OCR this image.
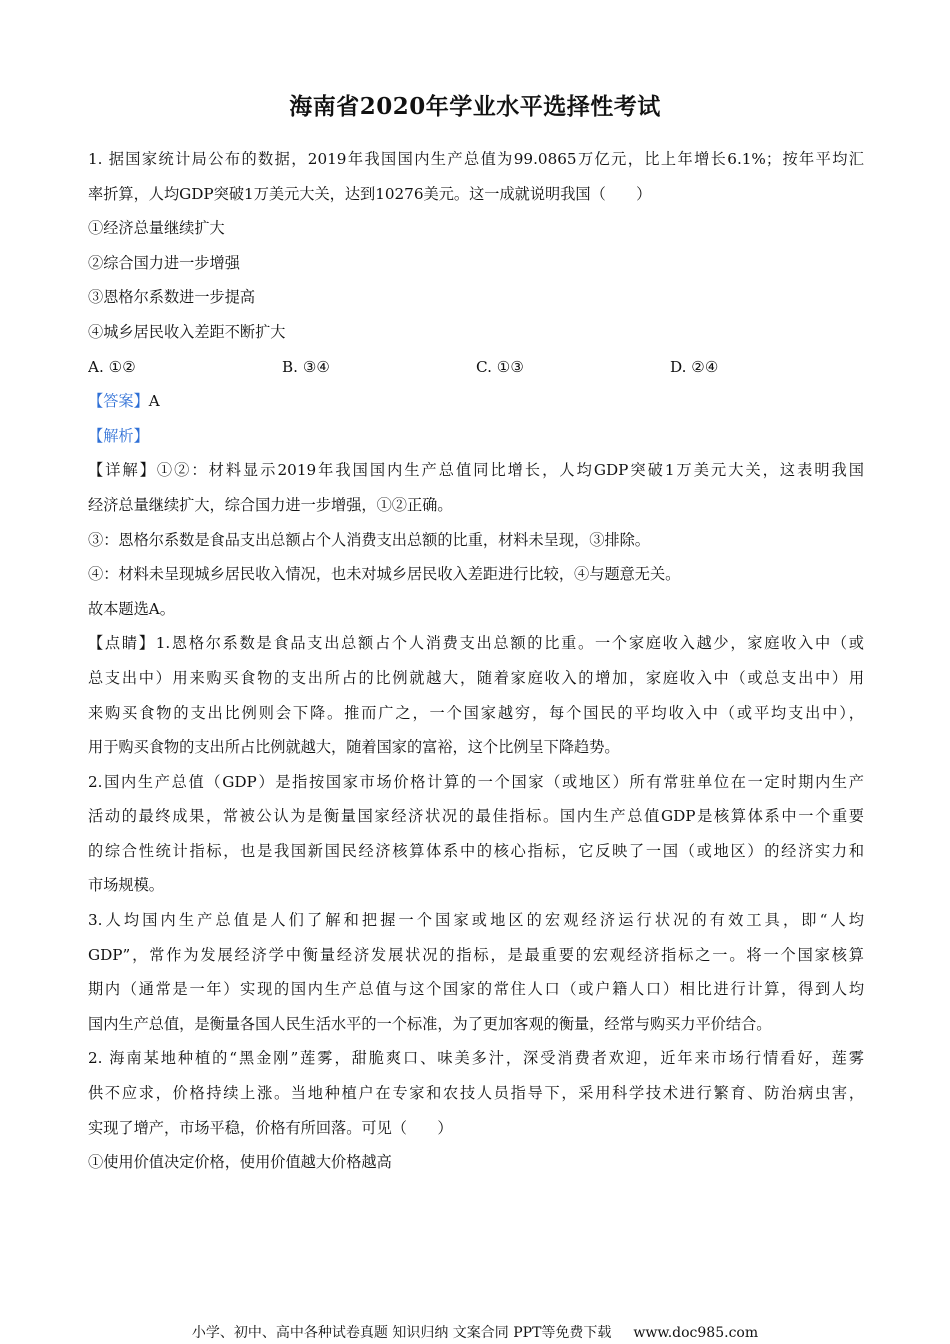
海南省2020年学业水平选择性考试
1. 据国家统计局公布的数据，2019年我国国内生产总值为99.0865万亿元，比上年增长6.1%；按年平均汇
率折算，人均GDP突破1万美元大关，达到10276美元。这一成就说明我国（　　）
①经济总量继续扩大
②综合国力进一步增强
③恩格尔系数进一步提高
④城乡居民收入差距不断扩大
A. ①②	B. ③④	C. ①③	D. ②④
【答案】A
【解析】
【详解】①②：材料显示2019年我国国内生产总值同比增长，人均GDP突破1万美元大关，这表明我国
经济总量继续扩大，综合国力进一步增强，①②正确。
③：恩格尔系数是食品支出总额占个人消费支出总额的比重，材料未呈现，③排除。
④：材料未呈现城乡居民收入情况，也未对城乡居民收入差距进行比较，④与题意无关。
故本题选A。
【点睛】1.恩格尔系数是食品支出总额占个人消费支出总额的比重。一个家庭收入越少，家庭收入中（或
总支出中）用来购买食物的支出所占的比例就越大，随着家庭收入的增加，家庭收入中（或总支出中）用
来购买食物的支出比例则会下降。推而广之，一个国家越穷，每个国民的平均收入中（或平均支出中），
用于购买食物的支出所占比例就越大，随着国家的富裕，这个比例呈下降趋势。
2.国内生产总值（GDP）是指按国家市场价格计算的一个国家（或地区）所有常驻单位在一定时期内生产
活动的最终成果，常被公认为是衡量国家经济状况的最佳指标。国内生产总值GDP是核算体系中一个重要
的综合性统计指标，也是我国新国民经济核算体系中的核心指标，它反映了一国（或地区）的经济实力和
市场规模。
3.人均国内生产总值是人们了解和把握一个国家或地区的宏观经济运行状况的有效工具，即“人均
GDP”，常作为发展经济学中衡量经济发展状况的指标，是最重要的宏观经济指标之一。将一个国家核算
期内（通常是一年）实现的国内生产总值与这个国家的常住人口（或户籍人口）相比进行计算，得到人均
国内生产总值，是衡量各国人民生活水平的一个标准，为了更加客观的衡量，经常与购买力平价结合。
2. 海南某地种植的“黑金刚”莲雾，甜脆爽口、味美多汁，深受消费者欢迎，近年来市场行情看好，莲雾
供不应求，价格持续上涨。当地种植户在专家和农技人员指导下，采用科学技术进行繁育、防治病虫害，
实现了增产，市场平稳，价格有所回落。可见（　　）
①使用价值决定价格，使用价值越大价格越高
小学、初中、高中各种试卷真题 知识归纳 文案合同 PPT等免费下载 www.doc985.com
